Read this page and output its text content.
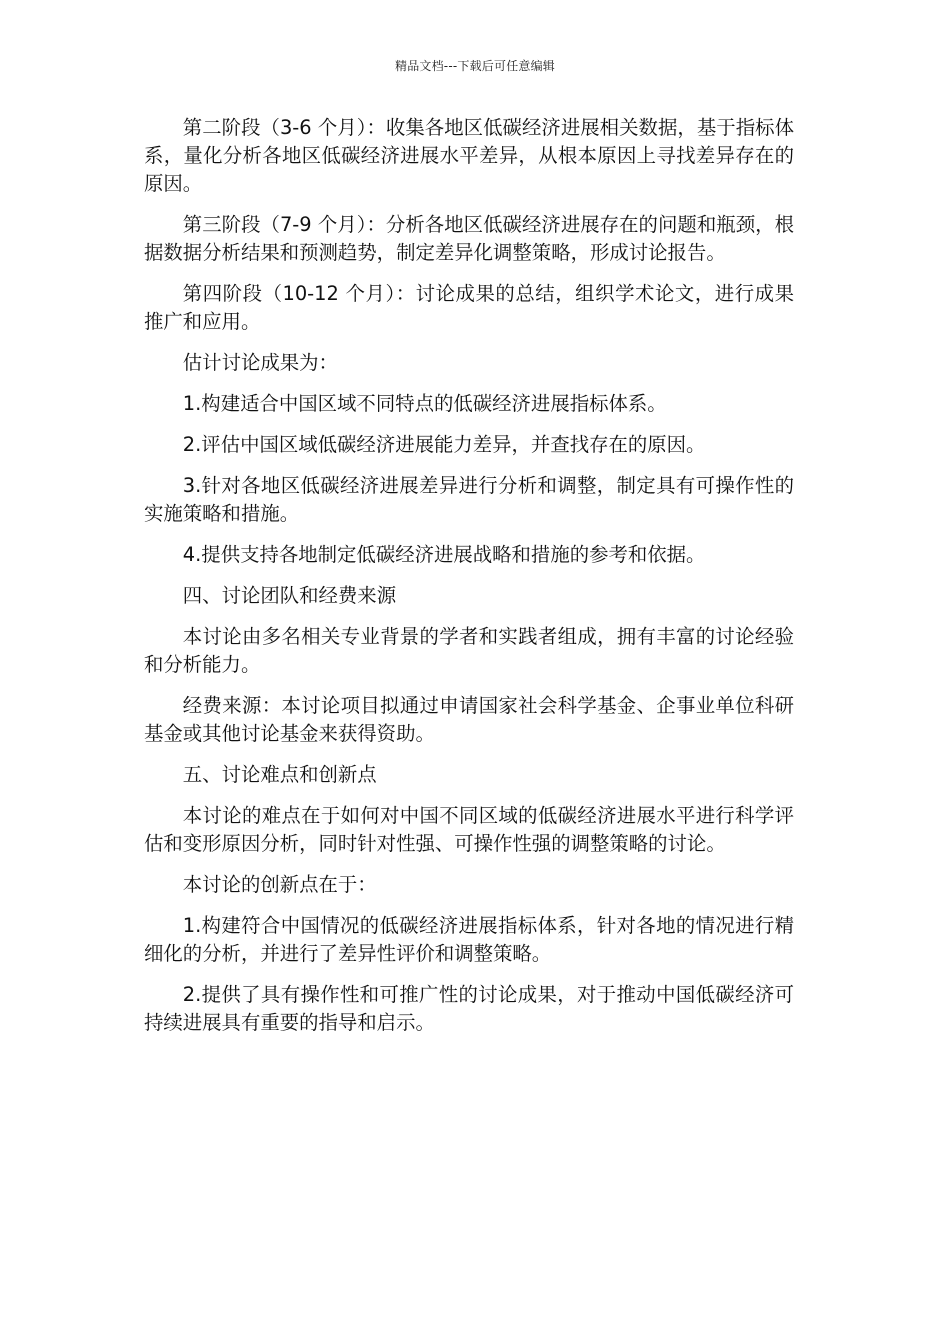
精品文档---下载后可任意编辑

第二阶段（3-6 个月）：收集各地区低碳经济进展相关数据，基于指标体系，量化分析各地区低碳经济进展水平差异，从根本原因上寻找差异存在的原因。

第三阶段（7-9 个月）：分析各地区低碳经济进展存在的问题和瓶颈，根据数据分析结果和预测趋势，制定差异化调整策略，形成讨论报告。

第四阶段（10-12 个月）：讨论成果的总结，组织学术论文，进行成果推广和应用。

估计讨论成果为：

1.构建适合中国区域不同特点的低碳经济进展指标体系。

2.评估中国区域低碳经济进展能力差异，并查找存在的原因。

3.针对各地区低碳经济进展差异进行分析和调整，制定具有可操作性的实施策略和措施。

4.提供支持各地制定低碳经济进展战略和措施的参考和依据。

四、讨论团队和经费来源

本讨论由多名相关专业背景的学者和实践者组成，拥有丰富的讨论经验和分析能力。

经费来源：本讨论项目拟通过申请国家社会科学基金、企事业单位科研基金或其他讨论基金来获得资助。

五、讨论难点和创新点

本讨论的难点在于如何对中国不同区域的低碳经济进展水平进行科学评估和变形原因分析，同时针对性强、可操作性强的调整策略的讨论。

本讨论的创新点在于：

1.构建符合中国情况的低碳经济进展指标体系，针对各地的情况进行精细化的分析，并进行了差异性评价和调整策略。

2.提供了具有操作性和可推广性的讨论成果，对于推动中国低碳经济可持续进展具有重要的指导和启示。
